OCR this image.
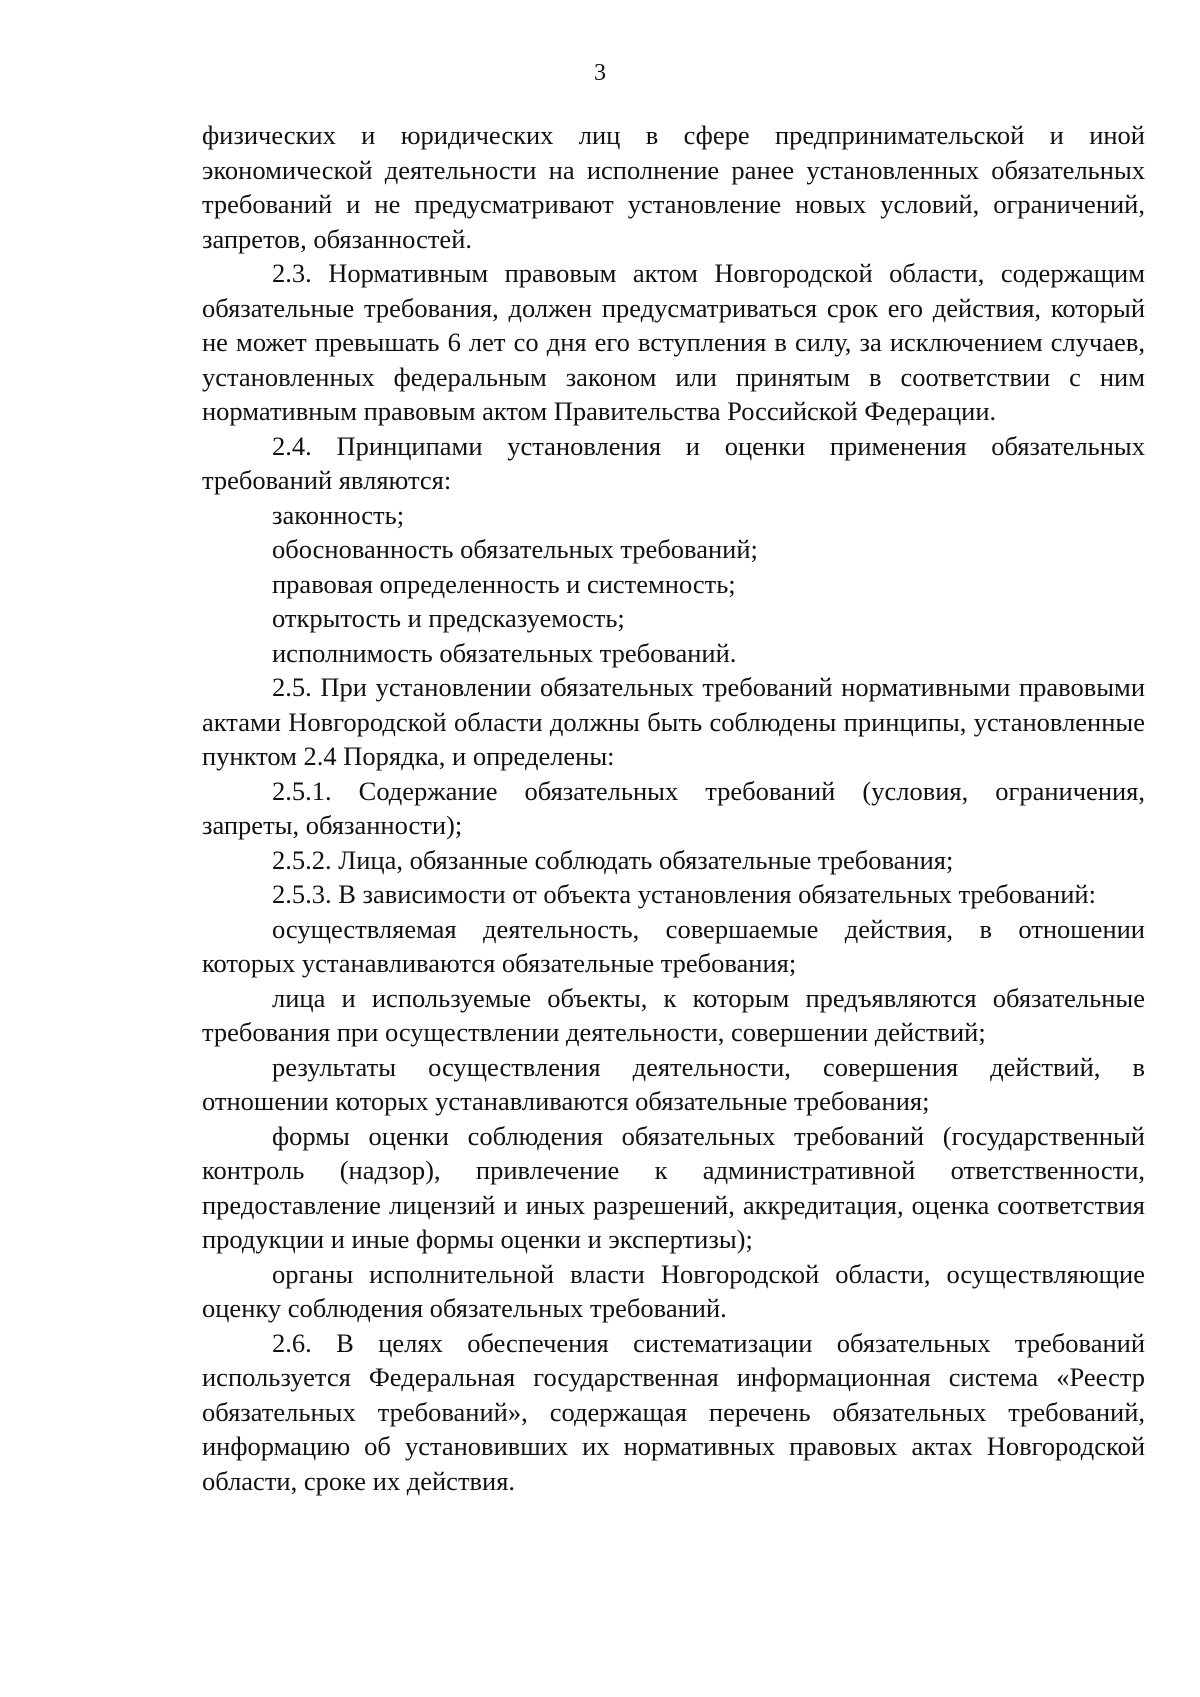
3

физических и юридических лиц в сфере предпринимательской и иной экономической деятельности на исполнение ранее установленных обязательных требований и не предусматривают установление новых условий, ограничений, запретов, обязанностей.

2.3. Нормативным правовым актом Новгородской области, содержащим обязательные требования, должен предусматриваться срок его действия, который не может превышать 6 лет со дня его вступления в силу, за исключением случаев, установленных федеральным законом или принятым в соответствии с ним нормативным правовым актом Правительства Российской Федерации.

2.4. Принципами установления и оценки применения обязательных требований являются:

законность;

обоснованность обязательных требований;

правовая определенность и системность;

открытость и предсказуемость;

исполнимость обязательных требований.

2.5. При установлении обязательных требований нормативными правовыми актами Новгородской области должны быть соблюдены принципы, установленные пунктом 2.4 Порядка, и определены:

2.5.1. Содержание обязательных требований (условия, ограничения, запреты, обязанности);

2.5.2. Лица, обязанные соблюдать обязательные требования;

2.5.3. В зависимости от объекта установления обязательных требований:

осуществляемая деятельность, совершаемые действия, в отношении которых устанавливаются обязательные требования;

лица и используемые объекты, к которым предъявляются обязательные требования при осуществлении деятельности, совершении действий;

результаты осуществления деятельности, совершения действий, в отношении которых устанавливаются обязательные требования;

формы оценки соблюдения обязательных требований (государственный контроль (надзор), привлечение к административной ответственности, предоставление лицензий и иных разрешений, аккредитация, оценка соответствия продукции и иные формы оценки и экспертизы);

органы исполнительной власти Новгородской области, осуществляющие оценку соблюдения обязательных требований.

2.6. В целях обеспечения систематизации обязательных требований используется Федеральная государственная информационная система «Реестр обязательных требований», содержащая перечень обязательных требований, информацию об установивших их нормативных правовых актах Новгородской области, сроке их действия.
